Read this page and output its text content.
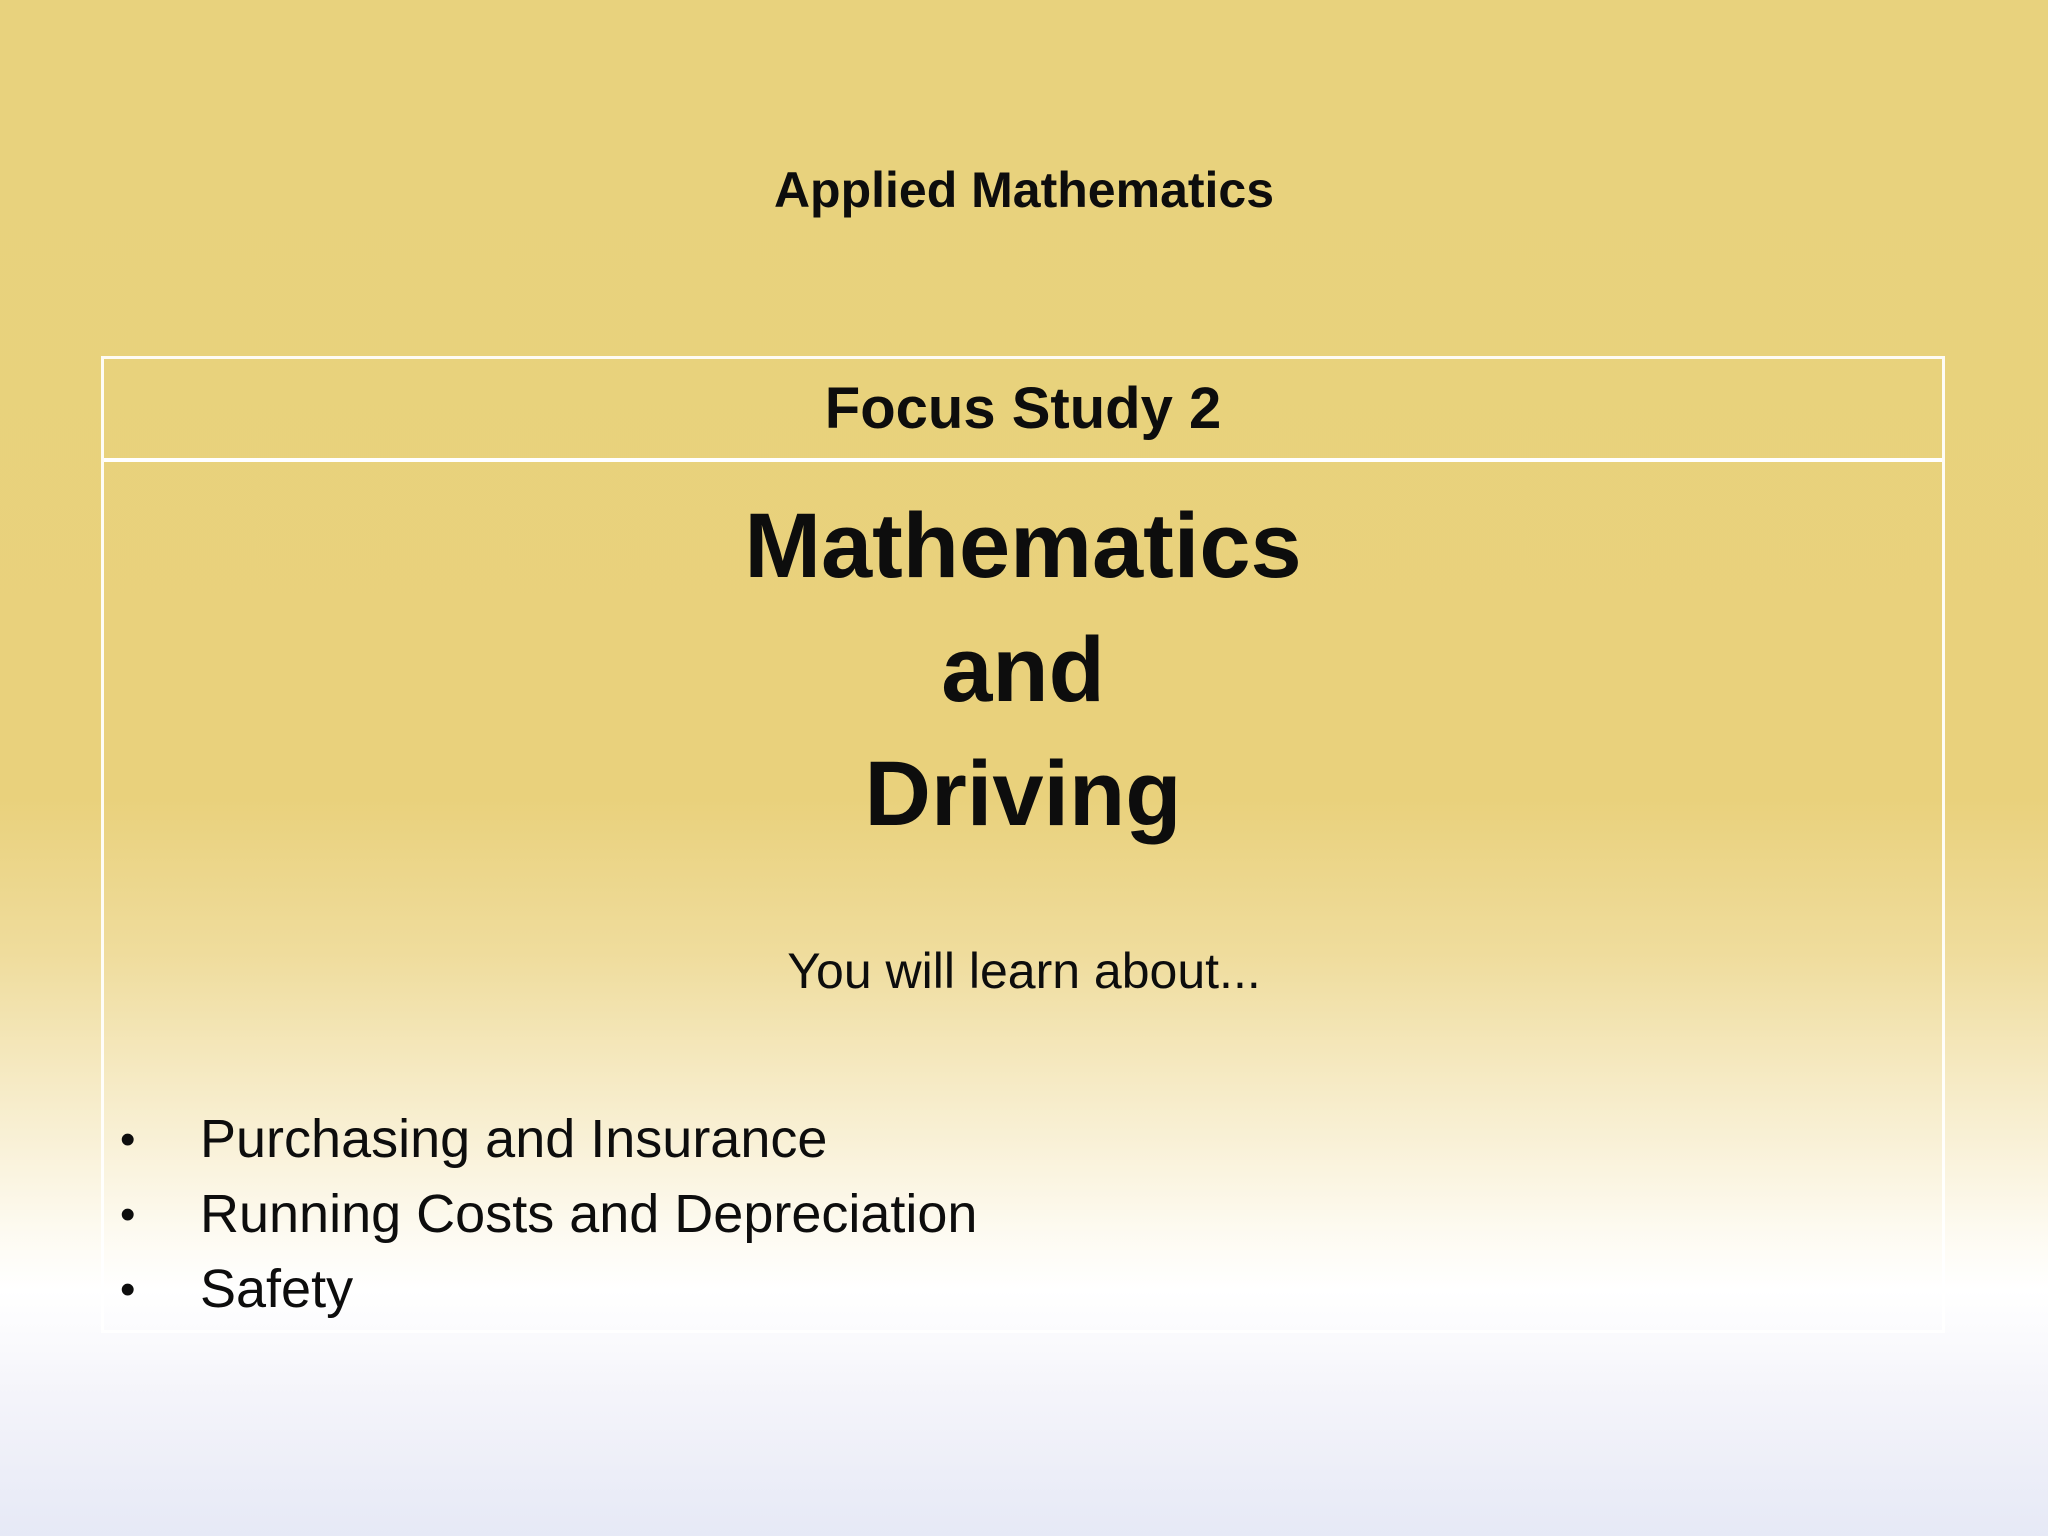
Applied Mathematics
Focus Study 2
Mathematics
and
Driving
You will learn about...
• Purchasing and Insurance
• Running Costs and Depreciation
• Safety
